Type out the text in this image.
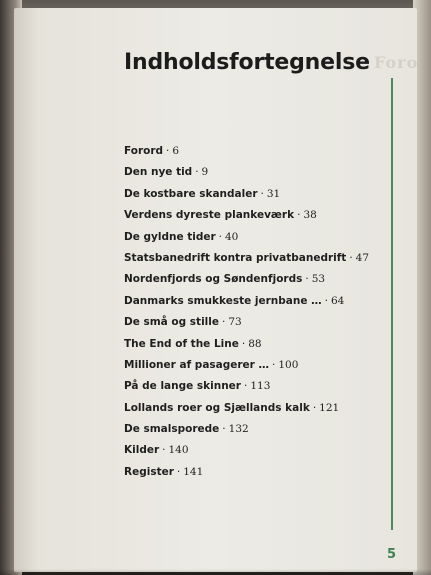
Foro
Indholdsfortegnelse
Forord · 6
Den nye tid · 9
De kostbare skandaler · 31
Verdens dyreste plankeværk · 38
De gyldne tider · 40
Statsbanedrift kontra privatbanedrift · 47
Nordenfjords og Søndenfjords · 53
Danmarks smukkeste jernbane … · 64
De små og stille · 73
The End of the Line · 88
Millioner af pasagerer … · 100
På de lange skinner · 113
Lollands roer og Sjællands kalk · 121
De smalsporede · 132
Kilder · 140
Register · 141
5
